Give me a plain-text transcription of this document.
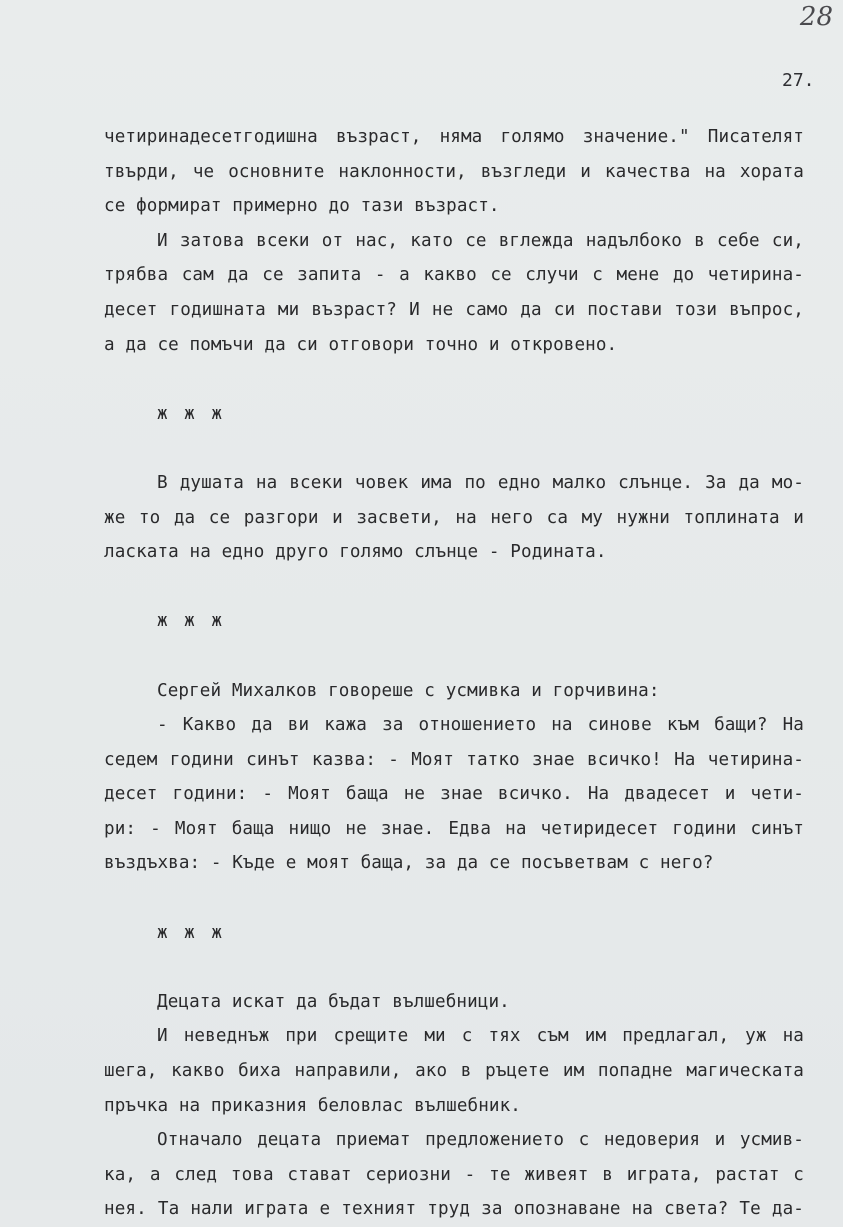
28
27.
четиринадесетгодишна възраст, няма голямо значение." Писателят
твърди, че основните наклонности, възгледи и качества на хората
се формират примерно до тази възраст.
И затова всеки от нас, като се вглежда надълбоко в себе си,
трябва сам да се запита - а какво се случи с мене до четиринa-
десет годишната ми възраст? И не само да си постави този въпрос,
а да се помъчи да си отговори точно и откровено.
ж ж ж
В душата на всеки човек има по едно малко слънце. За да мо-
же то да се разгори и засвети, на него са му нужни топлината и
ласката на едно друго голямо слънце - Родината.
ж ж ж
Сергей Михалков говореше с усмивка и горчивина:
- Какво да ви кажа за отношението на синове към бащи? На
седем години синът казва: - Моят татко знае всичко! На четиринa-
десет години: - Моят баща не знае всичко. На двадесет и чети-
ри: - Моят баща нищо не знае. Едва на четиридесет години синът
въздъхва: - Къде е моят баща, за да се посъветвам с него?
ж ж ж
Децата искат да бъдат вълшебници.
И неведнъж при срещите ми с тях съм им предлагал, уж на
шега, какво биха направили, ако в ръцете им попадне магическата
пръчка на приказния беловлас вълшебник.
Отначало децата приемат предложението с недоверия и усмив-
ка, а след това стават сериозни - те живеят в играта, растат с
нея. Та нали играта е техният труд за опознаване на света? Те да-
